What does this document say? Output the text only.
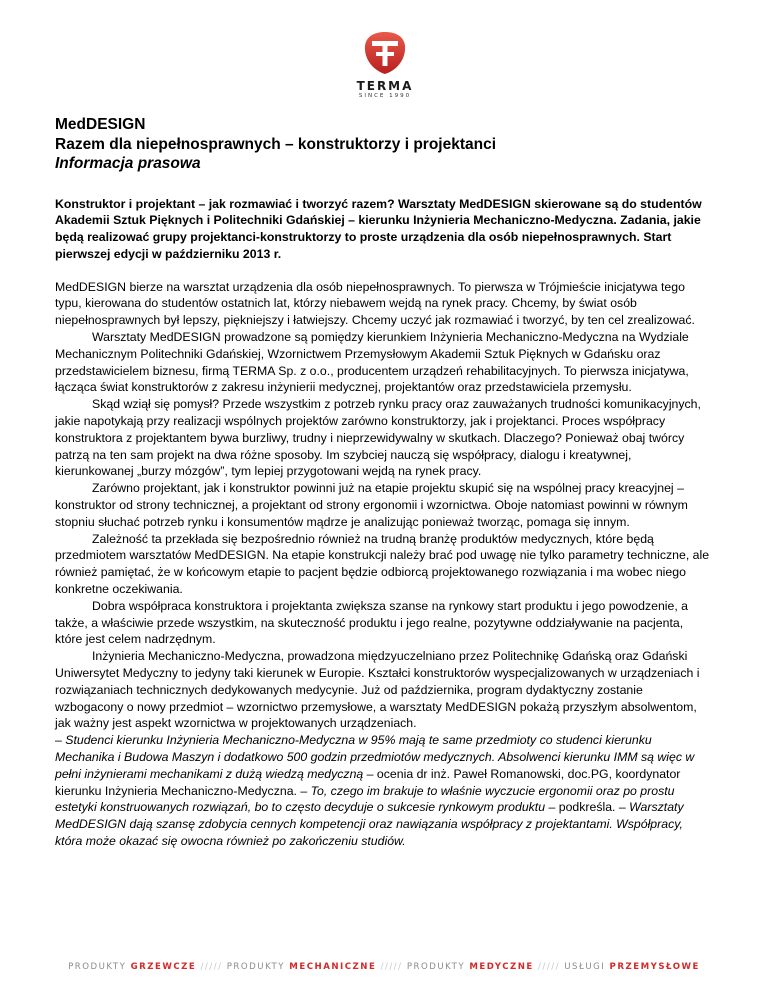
TERMA
SINCE 1990
MedDESIGN
Razem dla niepełnosprawnych – konstruktorzy i projektanci
Informacja prasowa

Konstruktor i projektant – jak rozmawiać i tworzyć razem? Warsztaty MedDESIGN skierowane są do studentów Akademii Sztuk Pięknych i Politechniki Gdańskiej – kierunku Inżynieria Mechaniczno-Medyczna. Zadania, jakie będą realizować grupy projektanci-konstruktorzy to proste urządzenia dla osób niepełnosprawnych. Start pierwszej edycji w październiku 2013 r.

MedDESIGN bierze na warsztat urządzenia dla osób niepełnosprawnych. To pierwsza w Trójmieście inicjatywa tego typu, kierowana do studentów ostatnich lat, którzy niebawem wejdą na rynek pracy. Chcemy, by świat osób niepełnosprawnych był lepszy, piękniejszy i łatwiejszy. Chcemy uczyć jak rozmawiać i tworzyć, by ten cel zrealizować.

Warsztaty MedDESIGN prowadzone są pomiędzy kierunkiem Inżynieria Mechaniczno-Medyczna na Wydziale Mechanicznym Politechniki Gdańskiej, Wzornictwem Przemysłowym Akademii Sztuk Pięknych w Gdańsku oraz przedstawicielem biznesu, firmą TERMA Sp. z o.o., producentem urządzeń rehabilitacyjnych. To pierwsza inicjatywa, łącząca świat konstruktorów z zakresu inżynierii medycznej, projektantów oraz przedstawiciela przemysłu.

Skąd wziął się pomysł? Przede wszystkim z potrzeb rynku pracy oraz zauważanych trudności komunikacyjnych, jakie napotykają przy realizacji wspólnych projektów zarówno konstruktorzy, jak i projektanci. Proces współpracy konstruktora z projektantem bywa burzliwy, trudny i nieprzewidywalny w skutkach. Dlaczego? Ponieważ obaj twórcy patrzą na ten sam projekt na dwa różne sposoby. Im szybciej nauczą się współpracy, dialogu i kreatywnej, kierunkowanej „burzy mózgów”, tym lepiej przygotowani wejdą na rynek pracy.

Zarówno projektant, jak i konstruktor powinni już na etapie projektu skupić się na wspólnej pracy kreacyjnej – konstruktor od strony technicznej, a projektant od strony ergonomii i wzornictwa. Oboje natomiast powinni w równym stopniu słuchać potrzeb rynku i konsumentów mądrze je analizując ponieważ tworząc, pomaga się innym.

Zależność ta przekłada się bezpośrednio również na trudną branżę produktów medycznych, które będą przedmiotem warsztatów MedDESIGN. Na etapie konstrukcji należy brać pod uwagę nie tylko parametry techniczne, ale również pamiętać, że w końcowym etapie to pacjent będzie odbiorcą projektowanego rozwiązania i ma wobec niego konkretne oczekiwania.

Dobra współpraca konstruktora i projektanta zwiększa szanse na rynkowy start produktu i jego powodzenie, a także, a właściwie przede wszystkim, na skuteczność produktu i jego realne, pozytywne oddziaływanie na pacjenta, które jest celem nadrzędnym.

Inżynieria Mechaniczno-Medyczna, prowadzona międzyuczelniano przez Politechnikę Gdańską oraz Gdański Uniwersytet Medyczny to jedyny taki kierunek w Europie. Kształci konstruktorów wyspecjalizowanych w urządzeniach i rozwiązaniach technicznych dedykowanych medycynie. Już od października, program dydaktyczny zostanie wzbogacony o nowy przedmiot – wzornictwo przemysłowe, a warsztaty MedDESIGN pokażą przyszłym absolwentom, jak ważny jest aspekt wzornictwa w projektowanych urządzeniach.

– Studenci kierunku Inżynieria Mechaniczno-Medyczna w 95% mają te same przedmioty co studenci kierunku Mechanika i Budowa Maszyn i dodatkowo 500 godzin przedmiotów medycznych. Absolwenci kierunku IMM są więc w pełni inżynierami mechanikami z dużą wiedzą medyczną – ocenia dr inż. Paweł Romanowski, doc.PG, koordynator kierunku Inżynieria Mechaniczno-Medyczna. – To, czego im brakuje to właśnie wyczucie ergonomii oraz po prostu estetyki konstruowanych rozwiązań, bo to często decyduje o sukcesie rynkowym produktu – podkreśla. – Warsztaty MedDESIGN dają szansę zdobycia cennych kompetencji oraz nawiązania współpracy z projektantami. Współpracy, która może okazać się owocna również po zakończeniu studiów.

PRODUKTY GRZEWCZE ///// PRODUKTY MECHANICZNE ///// PRODUKTY MEDYCZNE ///// USŁUGI PRZEMYSŁOWE
